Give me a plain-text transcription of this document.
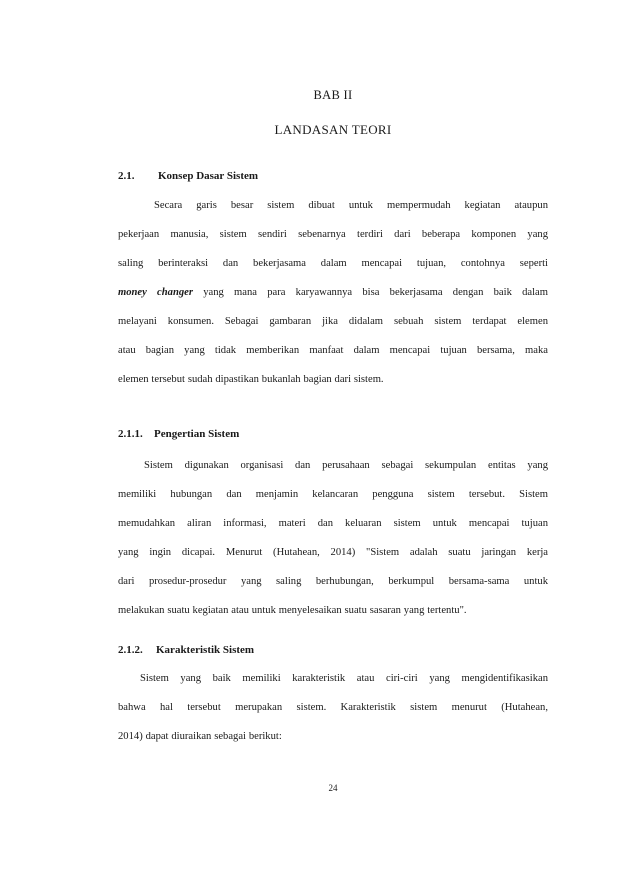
BAB II
LANDASAN TEORI
2.1. Konsep Dasar Sistem
Secara garis besar sistem dibuat untuk mempermudah kegiatan ataupun
pekerjaan manusia, sistem sendiri sebenarnya terdiri dari beberapa komponen yang
saling berinteraksi dan bekerjasama dalam mencapai tujuan, contohnya seperti
money changer yang mana para karyawannya bisa bekerjasama dengan baik dalam
melayani konsumen. Sebagai gambaran jika didalam sebuah sistem terdapat elemen
atau bagian yang tidak memberikan manfaat dalam mencapai tujuan bersama, maka
elemen tersebut sudah dipastikan bukanlah bagian dari sistem.
2.1.1. Pengertian Sistem
Sistem digunakan organisasi dan perusahaan sebagai sekumpulan entitas yang
memiliki hubungan dan menjamin kelancaran pengguna sistem tersebut. Sistem
memudahkan aliran informasi, materi dan keluaran sistem untuk mencapai tujuan
yang ingin dicapai. Menurut (Hutahean, 2014) "Sistem adalah suatu jaringan kerja
dari prosedur-prosedur yang saling berhubungan, berkumpul bersama-sama untuk
melakukan suatu kegiatan atau untuk menyelesaikan suatu sasaran yang tertentu".
2.1.2. Karakteristik Sistem
Sistem yang baik memiliki karakteristik atau ciri-ciri yang mengidentifikasikan
bahwa hal tersebut merupakan sistem. Karakteristik sistem menurut (Hutahean,
2014) dapat diuraikan sebagai berikut:
24
